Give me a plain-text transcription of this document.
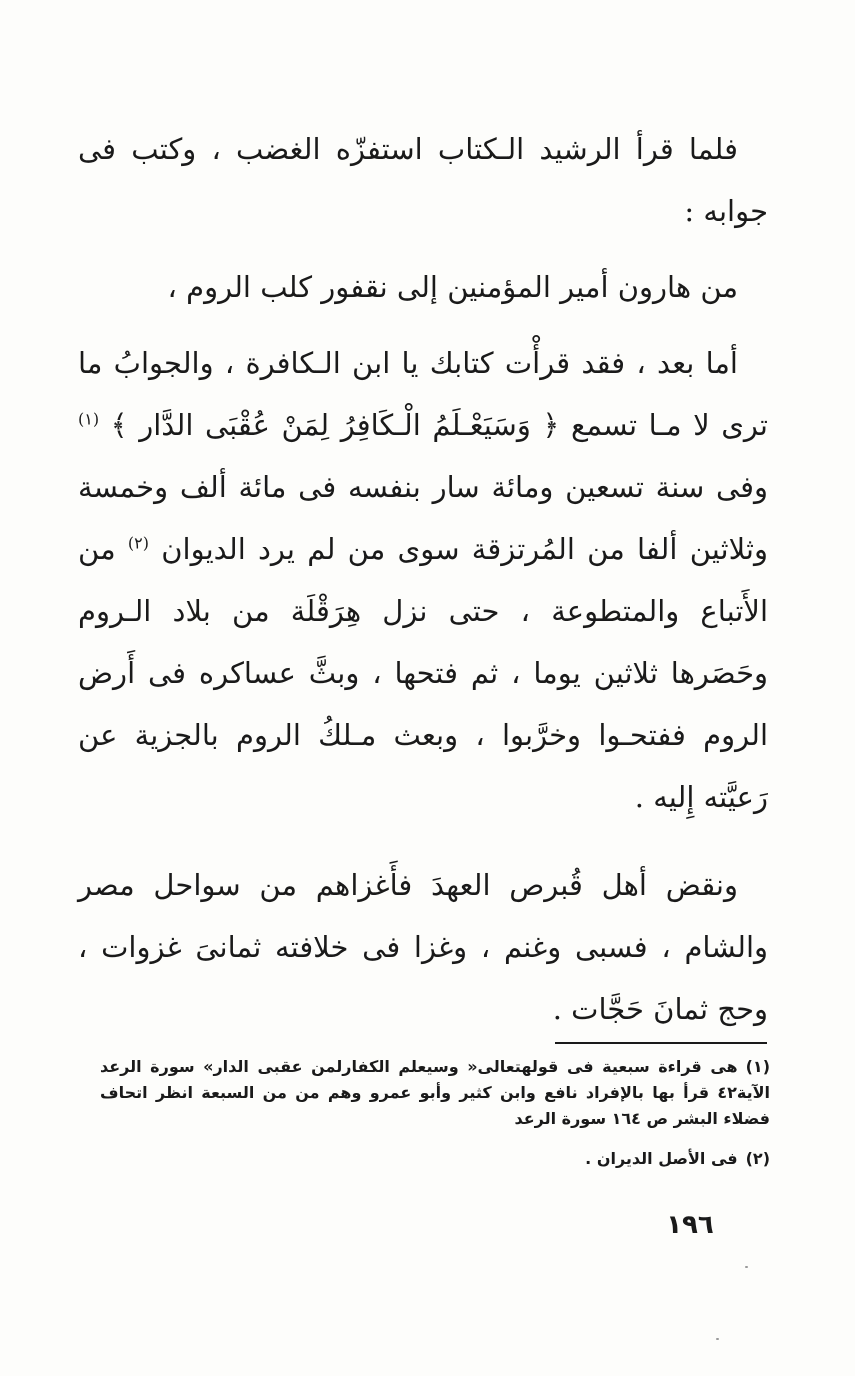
فلما قرأ الرشيد الـكتاب استفزّه الغضب ، وكتب فى جوابه :

من هارون أمير المؤمنين إلى نقفور كلب الروم ،

أما بعد ، فقد قرأْت كتابك يا ابن الـكافرة ، والجوابُ ما ترى لا مـا تسمع ﴿ وَسَيَعْـلَمُ الْـكَافِرُ لِمَنْ عُقْبَى الدَّار ﴾ $^{(١)}$ وفى سنة تسعين ومائة سار بنفسه فى مائة ألف وخمسة وثلاثين ألفا من المُرتزقة سوى من لم يرد الديوان $^{(٢)}$ من الأَتباع والمتطوعة ، حتى نزل هِرَقْلَة من بلاد الـروم وحَصَرها ثلاثين يوما ، ثم فتحها ، وبثَّ عساكره فى أَرض الروم ففتحـوا وخرَّبوا ، وبعث مـلكُ الروم بالجزية عن رَعيَّته إِليه .

ونقض أهل قُبرص العهدَ فأَغزاهم من سواحل مصر والشام ، فسبى وغنم ، وغزا فى خلافته ثمانىَ غزوات ، وحج ثمانَ حَجَّات .

(١)هى قراءة سبعية فى قولهتعالى« وسيعلم الكفارلمن عقبى الدار» سورة الرعد الآية٤٢ قرأ بها بالإفراد نافع وابن كثير وأبو عمرو وهم من من السبعة انظر اتحاف فضلاء البشر ص ١٦٤ سورة الرعد

(٢)فى الأصل الديران .

١٩٦
